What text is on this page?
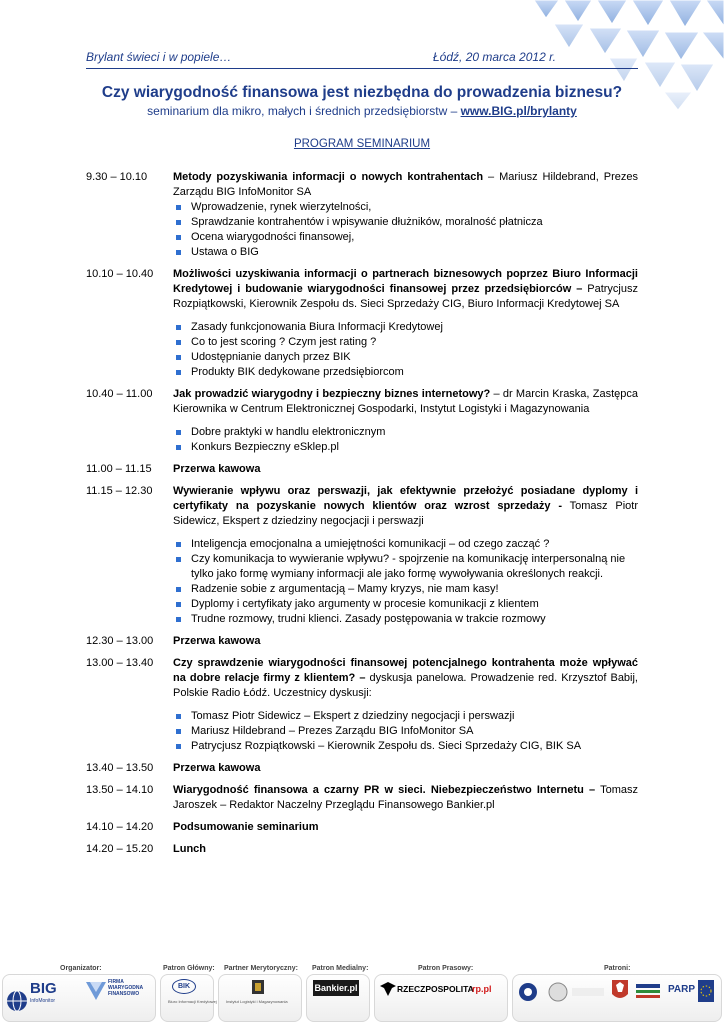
Brylant świeci i w popiele…	Łódź, 20 marca 2012 r.
Czy wiarygodność finansowa jest niezbędna do prowadzenia biznesu?
seminarium dla mikro, małych i średnich przedsiębiorstw – www.BIG.pl/brylanty
PROGRAM SEMINARIUM
9.30 – 10.10	Metody pozyskiwania informacji o nowych kontrahentach – Mariusz Hildebrand, Prezes Zarządu BIG InfoMonitor SA
Wprowadzenie, rynek wierzytelności,
Sprawdzanie kontrahentów i wpisywanie dłużników, moralność płatnicza
Ocena wiarygodności finansowej,
Ustawa o BIG
10.10 – 10.40	Możliwości uzyskiwania informacji o partnerach biznesowych poprzez Biuro Informacji Kredytowej i budowanie wiarygodności finansowej przez przedsiębiorców – Patrycjusz Rozpiątkowski, Kierownik Zespołu ds. Sieci Sprzedaży CIG, Biuro Informacji Kredytowej SA
Zasady funkcjonowania Biura Informacji Kredytowej
Co to jest scoring ? Czym jest rating ?
Udostępnianie danych przez BIK
Produkty BIK dedykowane przedsiębiorcom
10.40 – 11.00	Jak prowadzić wiarygodny i bezpieczny biznes internetowy? – dr Marcin Kraska, Zastępca Kierownika w Centrum Elektronicznej Gospodarki, Instytut Logistyki i Magazynowania
Dobre praktyki w handlu elektronicznym
Konkurs Bezpieczny eSklep.pl
11.00 – 11.15	Przerwa kawowa
11.15 – 12.30	Wywieranie wpływu oraz perswazji, jak efektywnie przełożyć posiadane dyplomy i certyfikaty na pozyskanie nowych klientów oraz wzrost sprzedaży - Tomasz Piotr Sidewicz, Ekspert z dziedziny negocjacji i perswazji
Inteligencja emocjonalna a umiejętności komunikacji – od czego zacząć ?
Czy komunikacja to wywieranie wpływu? - spojrzenie na komunikację interpersonalną nie tylko jako formę wymiany informacji ale jako formę wywoływania określonych reakcji.
Radzenie sobie z argumentacją – Mamy kryzys, nie mam kasy!
Dyplomy i certyfikaty jako argumenty w procesie komunikacji z klientem
Trudne rozmowy, trudni klienci. Zasady postępowania w trakcie rozmowy
12.30 – 13.00	Przerwa kawowa
13.00 – 13.40	Czy sprawdzenie wiarygodności finansowej potencjalnego kontrahenta może wpływać na dobre relacje firmy z klientem? – dyskusja panelowa. Prowadzenie red. Krzysztof Babij, Polskie Radio Łódź. Uczestnicy dyskusji:
Tomasz Piotr Sidewicz – Ekspert z dziedziny negocjacji i perswazji
Mariusz Hildebrand – Prezes Zarządu BIG InfoMonitor SA
Patrycjusz Rozpiątkowski – Kierownik Zespołu ds. Sieci Sprzedaży CIG, BIK SA
13.40 – 13.50	Przerwa kawowa
13.50 – 14.10	Wiarygodność finansowa a czarny PR w sieci. Niebezpieczeństwo Internetu – Tomasz Jaroszek – Redaktor Naczelny Przeglądu Finansowego Bankier.pl
14.10 – 14.20	Podsumowanie seminarium
14.20 – 15.20	Lunch
Organizator:	Patron Główny: Partner Merytoryczny: Patron Medialny:	Patron Prasowy:	Patroni:
BIG
InfoMonitor
FIRMA
WIARYGODNA
FINANSOWO
BIK
Biuro Informacji Kredytowej Instytut Logistyki i Magazynowania
Bankier.pl	RZECZPOSPOLITA
rp.pl	PARP
